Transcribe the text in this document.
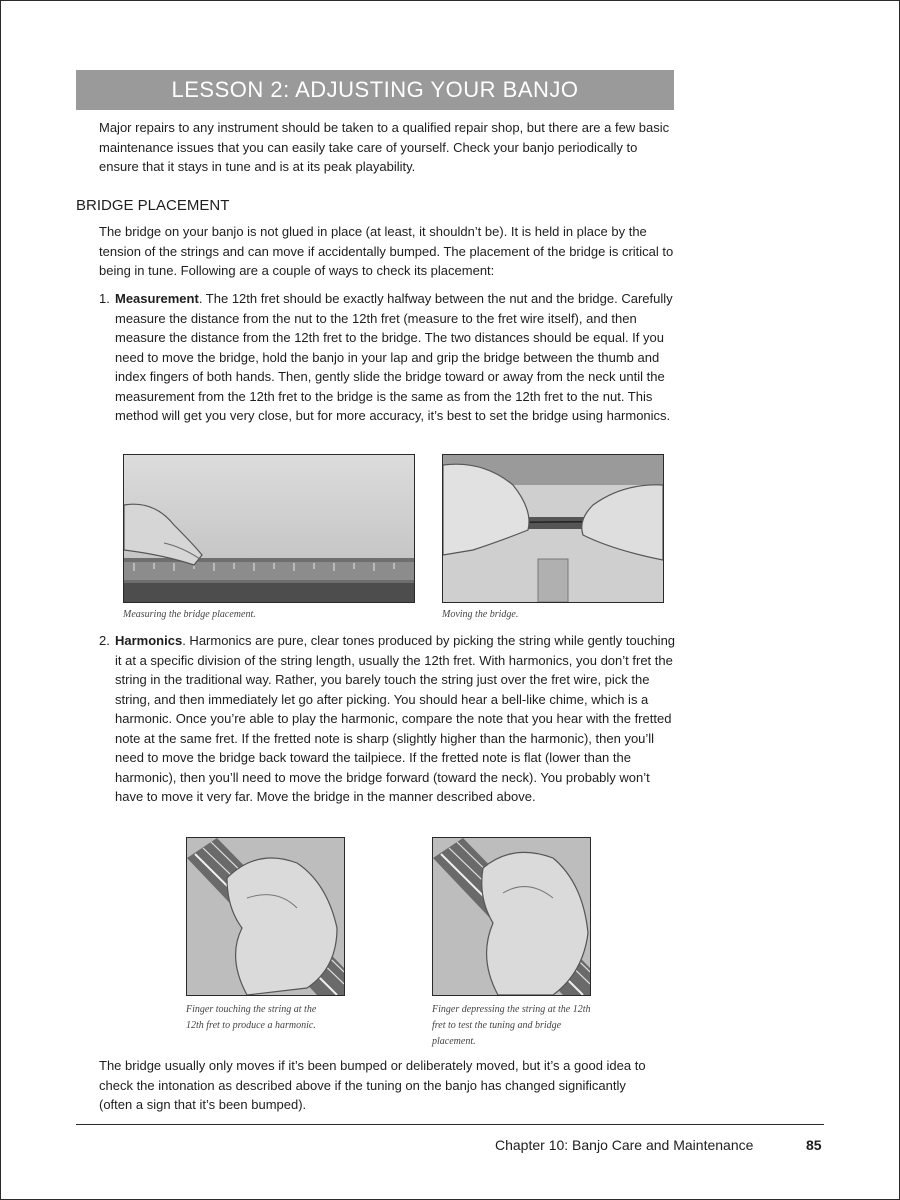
LESSON 2: ADJUSTING YOUR BANJO
Major repairs to any instrument should be taken to a qualified repair shop, but there are a few basic maintenance issues that you can easily take care of yourself. Check your banjo periodically to ensure that it stays in tune and is at its peak playability.
BRIDGE PLACEMENT
The bridge on your banjo is not glued in place (at least, it shouldn’t be). It is held in place by the tension of the strings and can move if accidentally bumped. The placement of the bridge is critical to being in tune. Following are a couple of ways to check its placement:
1. Measurement. The 12th fret should be exactly halfway between the nut and the bridge. Carefully measure the distance from the nut to the 12th fret (measure to the fret wire itself), and then measure the distance from the 12th fret to the bridge. The two distances should be equal. If you need to move the bridge, hold the banjo in your lap and grip the bridge between the thumb and index fingers of both hands. Then, gently slide the bridge toward or away from the neck until the measurement from the 12th fret to the bridge is the same as from the 12th fret to the nut. This method will get you very close, but for more accuracy, it’s best to set the bridge using harmonics.
Measuring the bridge placement.	Moving the bridge.
2. Harmonics. Harmonics are pure, clear tones produced by picking the string while gently touching it at a specific division of the string length, usually the 12th fret. With harmonics, you don’t fret the string in the traditional way. Rather, you barely touch the string just over the fret wire, pick the string, and then immediately let go after picking. You should hear a bell-like chime, which is a harmonic. Once you’re able to play the harmonic, compare the note that you hear with the fretted note at the same fret. If the fretted note is sharp (slightly higher than the harmonic), then you’ll need to move the bridge back toward the tailpiece. If the fretted note is flat (lower than the harmonic), then you’ll need to move the bridge forward (toward the neck). You probably won’t have to move it very far. Move the bridge in the manner described above.
Finger touching the string at the 12th fret to produce a harmonic.
Finger depressing the string at the 12th fret to test the tuning and bridge placement.
The bridge usually only moves if it’s been bumped or deliberately moved, but it’s a good idea to check the intonation as described above if the tuning on the banjo has changed significantly (often a sign that it’s been bumped).
Chapter 10: Banjo Care and Maintenance	85
